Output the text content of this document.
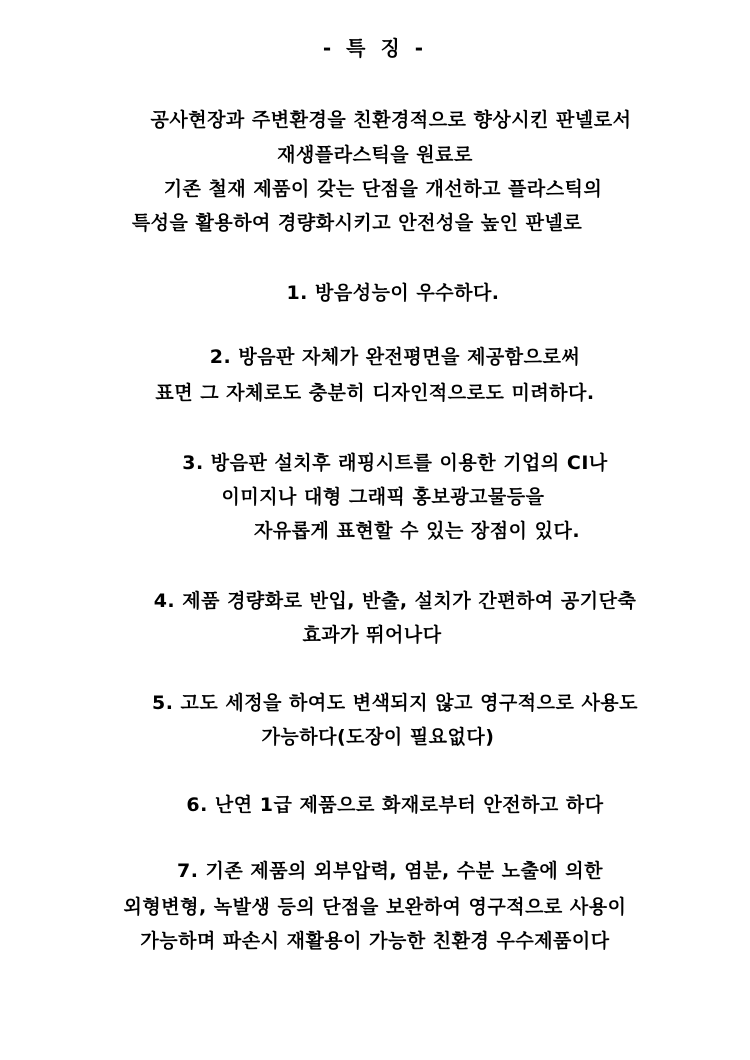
- 특 징 -
공사현장과 주변환경을 친환경적으로 향상시킨 판넬로서
재생플라스틱을 원료로
기존 철재 제품이 갖는 단점을 개선하고 플라스틱의
특성을 활용하여 경량화시키고 안전성을 높인 판넬로
1. 방음성능이 우수하다.
2. 방음판 자체가 완전평면을 제공함으로써
표면 그 자체로도 충분히 디자인적으로도 미려하다.
3. 방음판 설치후 래핑시트를 이용한 기업의 CI나
이미지나 대형 그래픽 홍보광고물등을
자유롭게 표현할 수 있는 장점이 있다.
4. 제품 경량화로 반입, 반출, 설치가 간편하여 공기단축
효과가 뛰어나다
5. 고도 세정을 하여도 변색되지 않고 영구적으로 사용도
가능하다(도장이 필요없다)
6. 난연 1급 제품으로 화재로부터 안전하고 하다
7. 기존 제품의 외부압력, 염분, 수분 노출에 의한
외형변형, 녹발생 등의 단점을 보완하여 영구적으로 사용이
가능하며 파손시 재활용이 가능한 친환경 우수제품이다
